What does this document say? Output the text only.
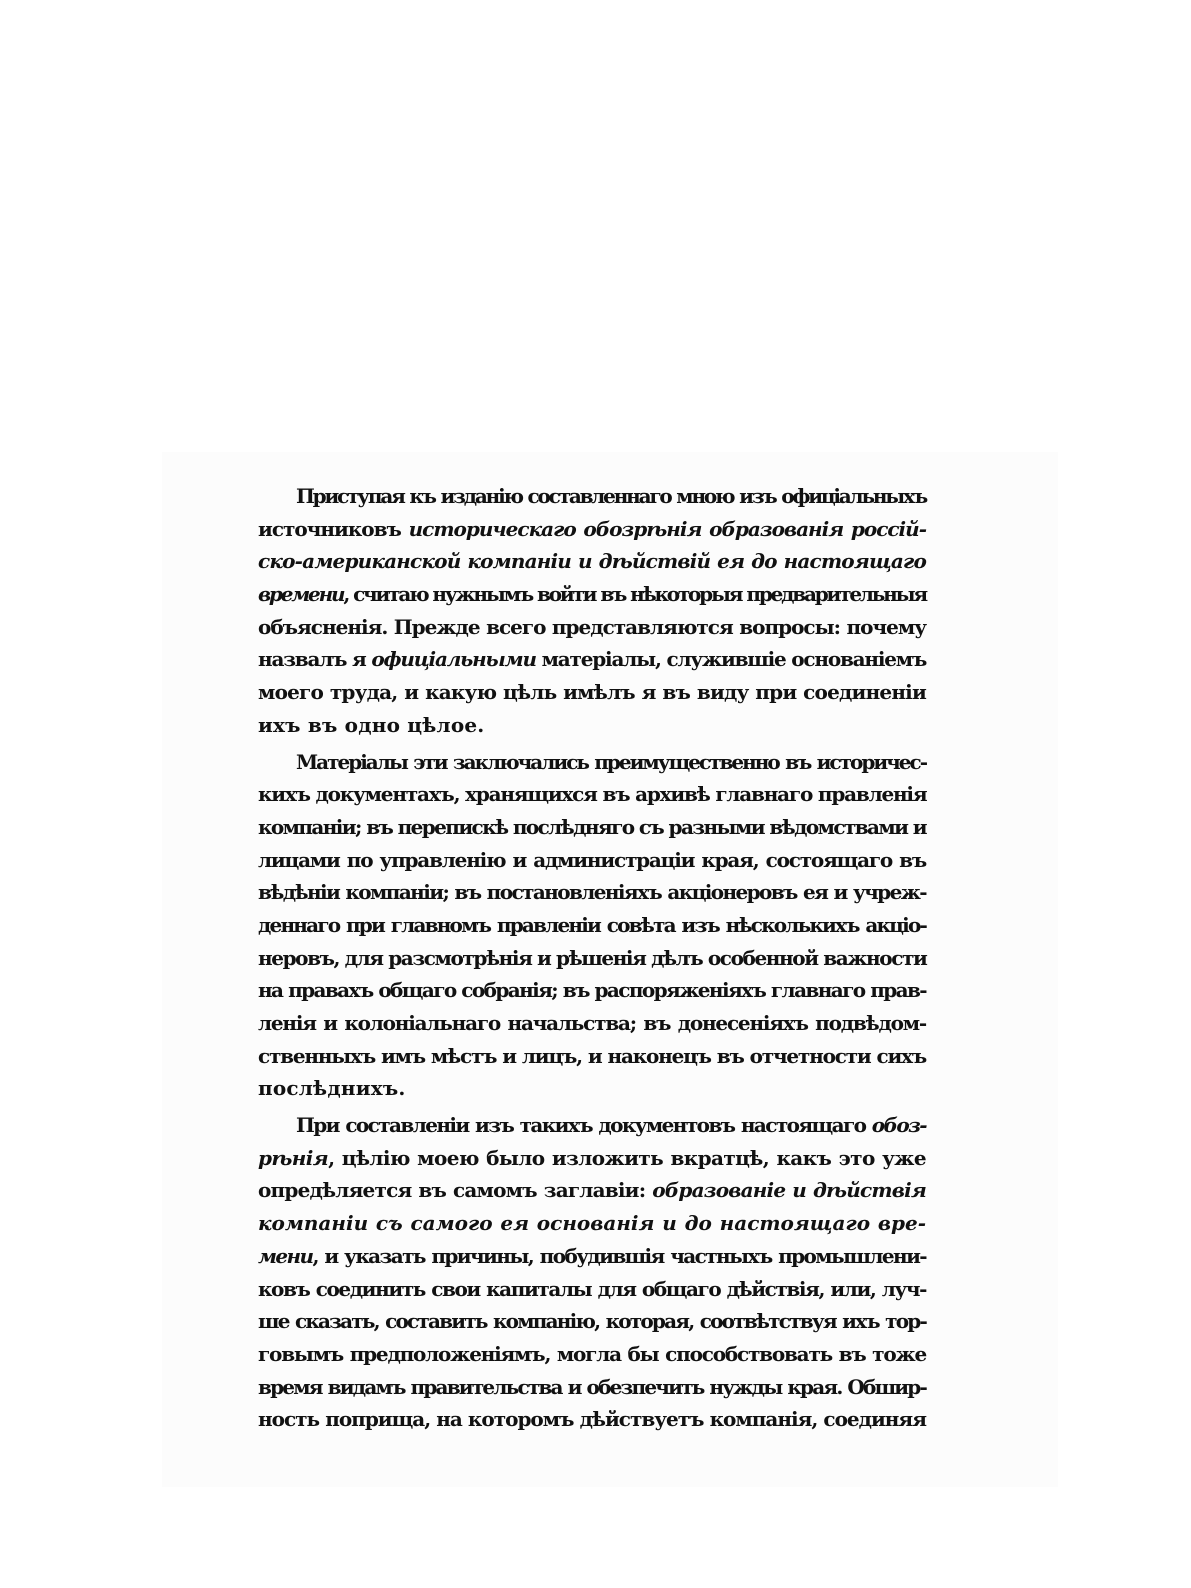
Приступая къ изданію составленнаго мною изъ офиціальныхъ
источниковъ историческаго обозрѣнія образованія россій-
ско-американской компаніи и дѣйствій ея до настоящаго
времени, считаю нужнымъ войти въ нѣкоторыя предварительныя
объясненія. Прежде всего представляются вопросы: почему
назвалъ я офиціальными матеріалы, служившіе основаніемъ
моего труда, и какую цѣль имѣлъ я въ виду при соединеніи
ихъ въ одно цѣлое.
Матеріалы эти заключались преимущественно въ историчес-
кихъ документахъ, хранящихся въ архивѣ главнаго правленія
компаніи; въ перепискѣ послѣдняго съ разными вѣдомствами и
лицами по управленію и администраціи края, состоящаго въ
вѣдѣніи компаніи; въ постановленіяхъ акціонеровъ ея и учреж-
деннаго при главномъ правленіи совѣта изъ нѣсколькихъ акціо-
неровъ, для разсмотрѣнія и рѣшенія дѣлъ особенной важности
на правахъ общаго собранія; въ распоряженіяхъ главнаго прав-
ленія и колоніальнаго начальства; въ донесеніяхъ подвѣдом-
ственныхъ имъ мѣстъ и лицъ, и наконецъ въ отчетности сихъ
послѣднихъ.
При составленіи изъ такихъ документовъ настоящаго обоз-
рѣнія, цѣлію моею было изложить вкратцѣ, какъ это уже
опредѣляется въ самомъ заглавіи: образованіе и дѣйствія
компаніи съ самого ея основанія и до настоящаго вре-
мени, и указать причины, побудившія частныхъ промышлени-
ковъ соединить свои капиталы для общаго дѣйствія, или, луч-
ше сказать, составить компанію, которая, соотвѣтствуя ихъ тор-
говымъ предположеніямъ, могла бы способствовать въ тоже
время видамъ правительства и обезпечить нужды края. Обшир-
ность поприща, на которомъ дѣйствуетъ компанія, соединяя
